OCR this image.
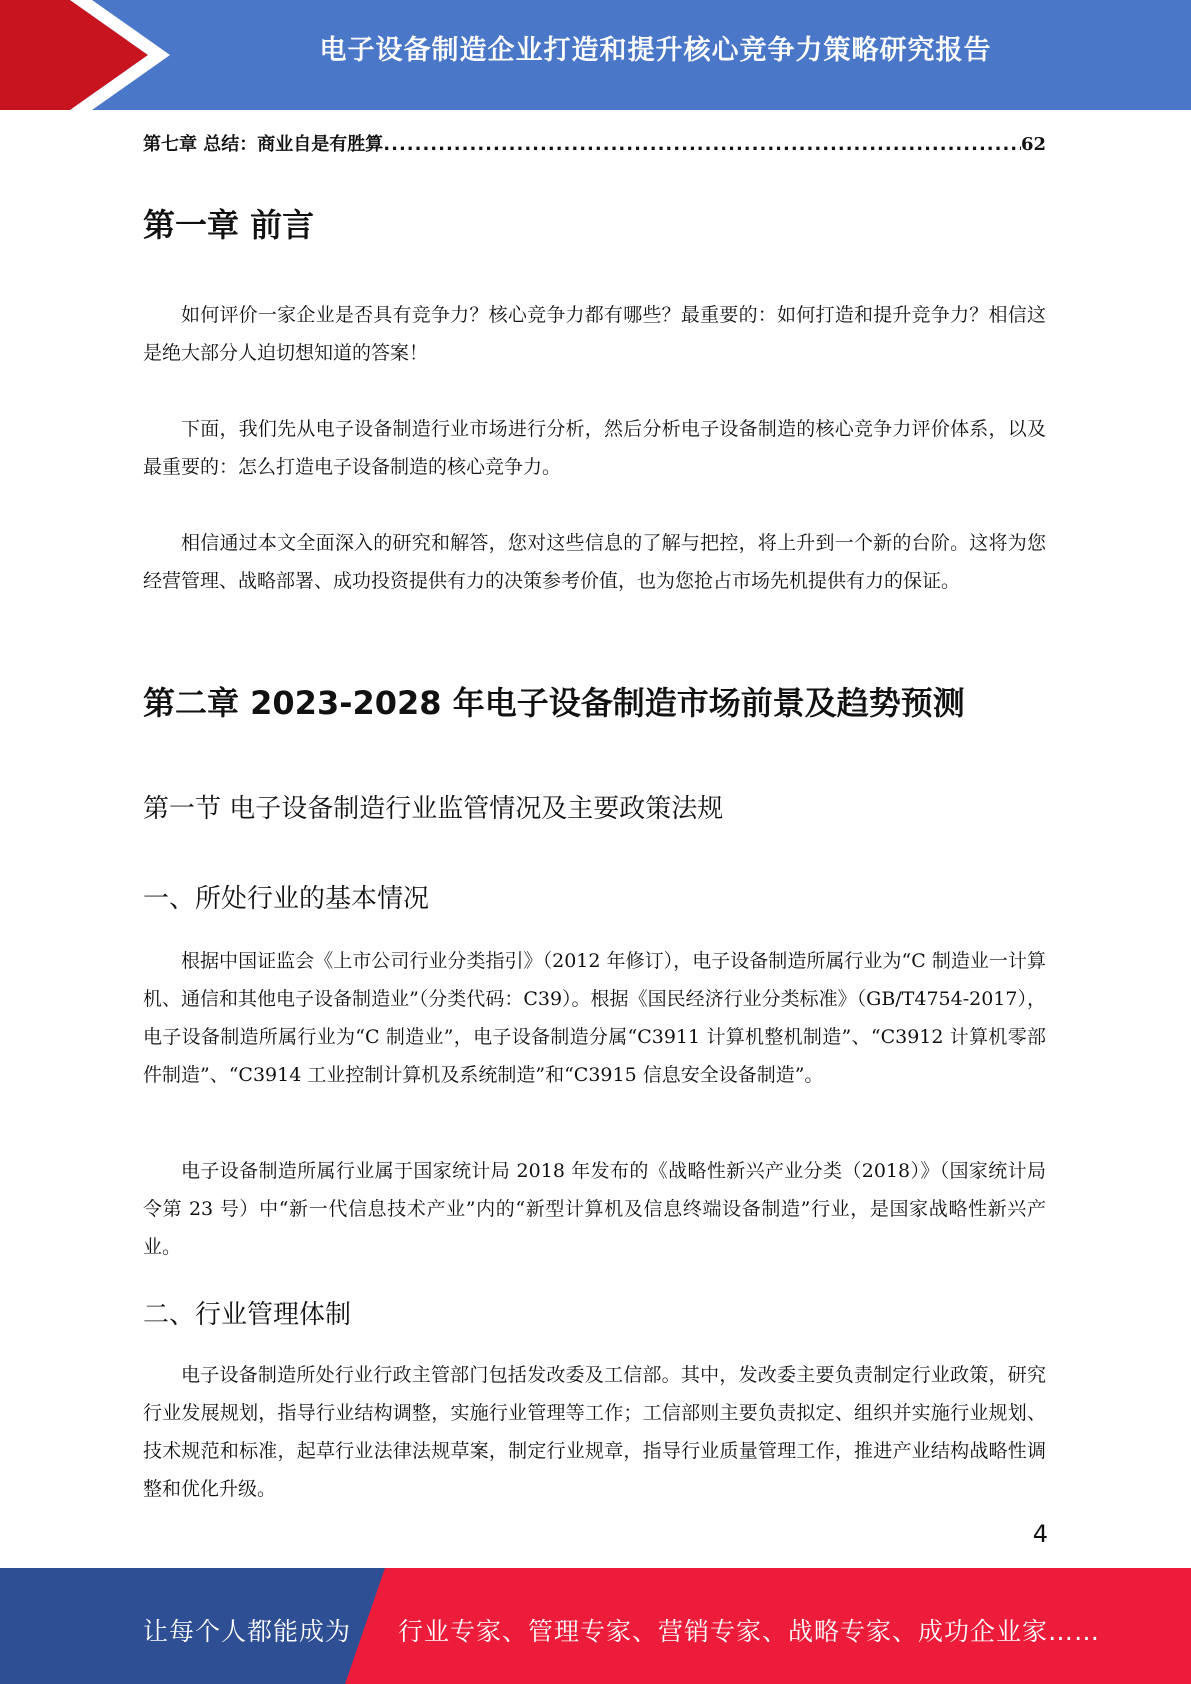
电子设备制造企业打造和提升核心竞争力策略研究报告
第七章 总结：商业自是有胜算
.....	62
第一章 前言

如何评价一家企业是否具有竞争力？核心竞争力都有哪些？最重要的：如何打造和提升竞争力？相信这是绝大部分人迫切想知道的答案！

下面，我们先从电子设备制造行业市场进行分析，然后分析电子设备制造的核心竞争力评价体系，以及最重要的：怎么打造电子设备制造的核心竞争力。

相信通过本文全面深入的研究和解答，您对这些信息的了解与把控，将上升到一个新的台阶。这将为您经营管理、战略部署、成功投资提供有力的决策参考价值，也为您抢占市场先机提供有力的保证。

第二章 2023-2028 年电子设备制造市场前景及趋势预测
第一节 电子设备制造行业监管情况及主要政策法规
一、所处行业的基本情况

根据中国证监会《上市公司行业分类指引》（2012 年修订），电子设备制造所属行业为“C 制造业一计算机、通信和其他电子设备制造业”（分类代码：C39）。根据《国民经济行业分类标准》（GB/T4754-2017），电子设备制造所属行业为“C 制造业”，电子设备制造分属“C3911 计算机整机制造”、“C3912 计算机零部件制造”、“C3914 工业控制计算机及系统制造”和“C3915 信息安全设备制造”。

电子设备制造所属行业属于国家统计局 2018 年发布的《战略性新兴产业分类（2018）》（国家统计局令第 23 号）中“新一代信息技术产业”内的“新型计算机及信息终端设备制造”行业，是国家战略性新兴产业。

二、行业管理体制

电子设备制造所处行业行政主管部门包括发改委及工信部。其中，发改委主要负责制定行业政策，研究行业发展规划，指导行业结构调整，实施行业管理等工作；工信部则主要负责拟定、组织并实施行业规划、技术规范和标准，起草行业法律法规草案，制定行业规章，指导行业质量管理工作，推进产业结构战略性调整和优化升级。

4
让每个人都能成为 行业专家、管理专家、营销专家、战略专家、成功企业家……
